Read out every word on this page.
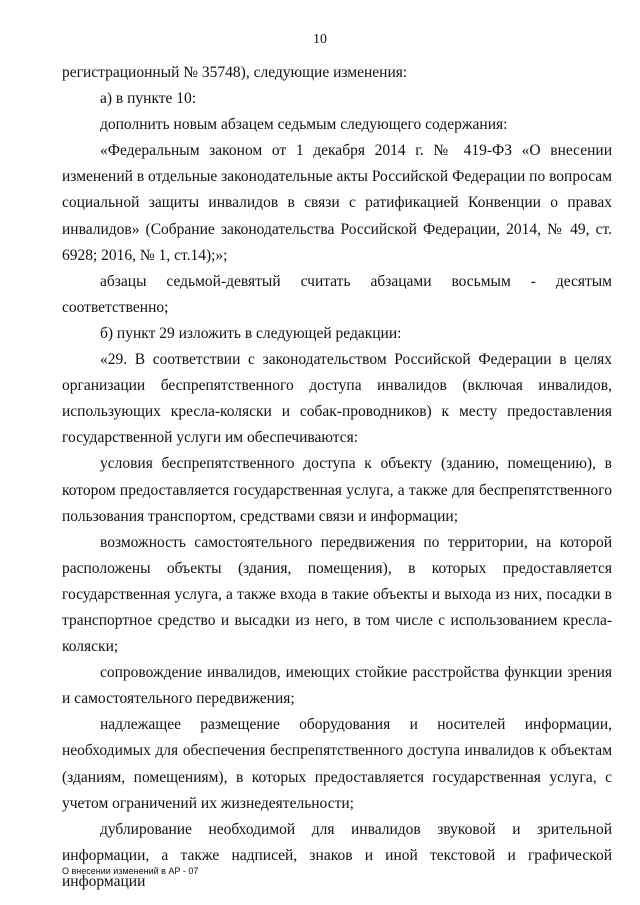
10

регистрационный № 35748), следующие изменения:

а) в пункте 10:

дополнить новым абзацем седьмым следующего содержания:

«Федеральным законом от 1 декабря 2014 г. № 419-ФЗ «О внесении изменений в отдельные законодательные акты Российской Федерации по вопросам социальной защиты инвалидов в связи с ратификацией Конвенции о правах инвалидов» (Собрание законодательства Российской Федерации, 2014, № 49, ст. 6928; 2016, № 1, ст.14);»;

абзацы седьмой-девятый считать абзацами восьмым - десятым соответственно;

б) пункт 29 изложить в следующей редакции:

«29. В соответствии с законодательством Российской Федерации в целях организации беспрепятственного доступа инвалидов (включая инвалидов, использующих кресла-коляски и собак-проводников) к месту предоставления государственной услуги им обеспечиваются:

условия беспрепятственного доступа к объекту (зданию, помещению), в котором предоставляется государственная услуга, а также для беспрепятственного пользования транспортом, средствами связи и информации;

возможность самостоятельного передвижения по территории, на которой расположены объекты (здания, помещения), в которых предоставляется государственная услуга, а также входа в такие объекты и выхода из них, посадки в транспортное средство и высадки из него, в том числе с использованием кресла-коляски;

сопровождение инвалидов, имеющих стойкие расстройства функции зрения и самостоятельного передвижения;

надлежащее размещение оборудования и носителей информации, необходимых для обеспечения беспрепятственного доступа инвалидов к объектам (зданиям, помещениям), в которых предоставляется государственная услуга, с учетом ограничений их жизнедеятельности;

дублирование необходимой для инвалидов звуковой и зрительной информации, а также надписей, знаков и иной текстовой и графической информации

О внесении изменений в АР - 07
